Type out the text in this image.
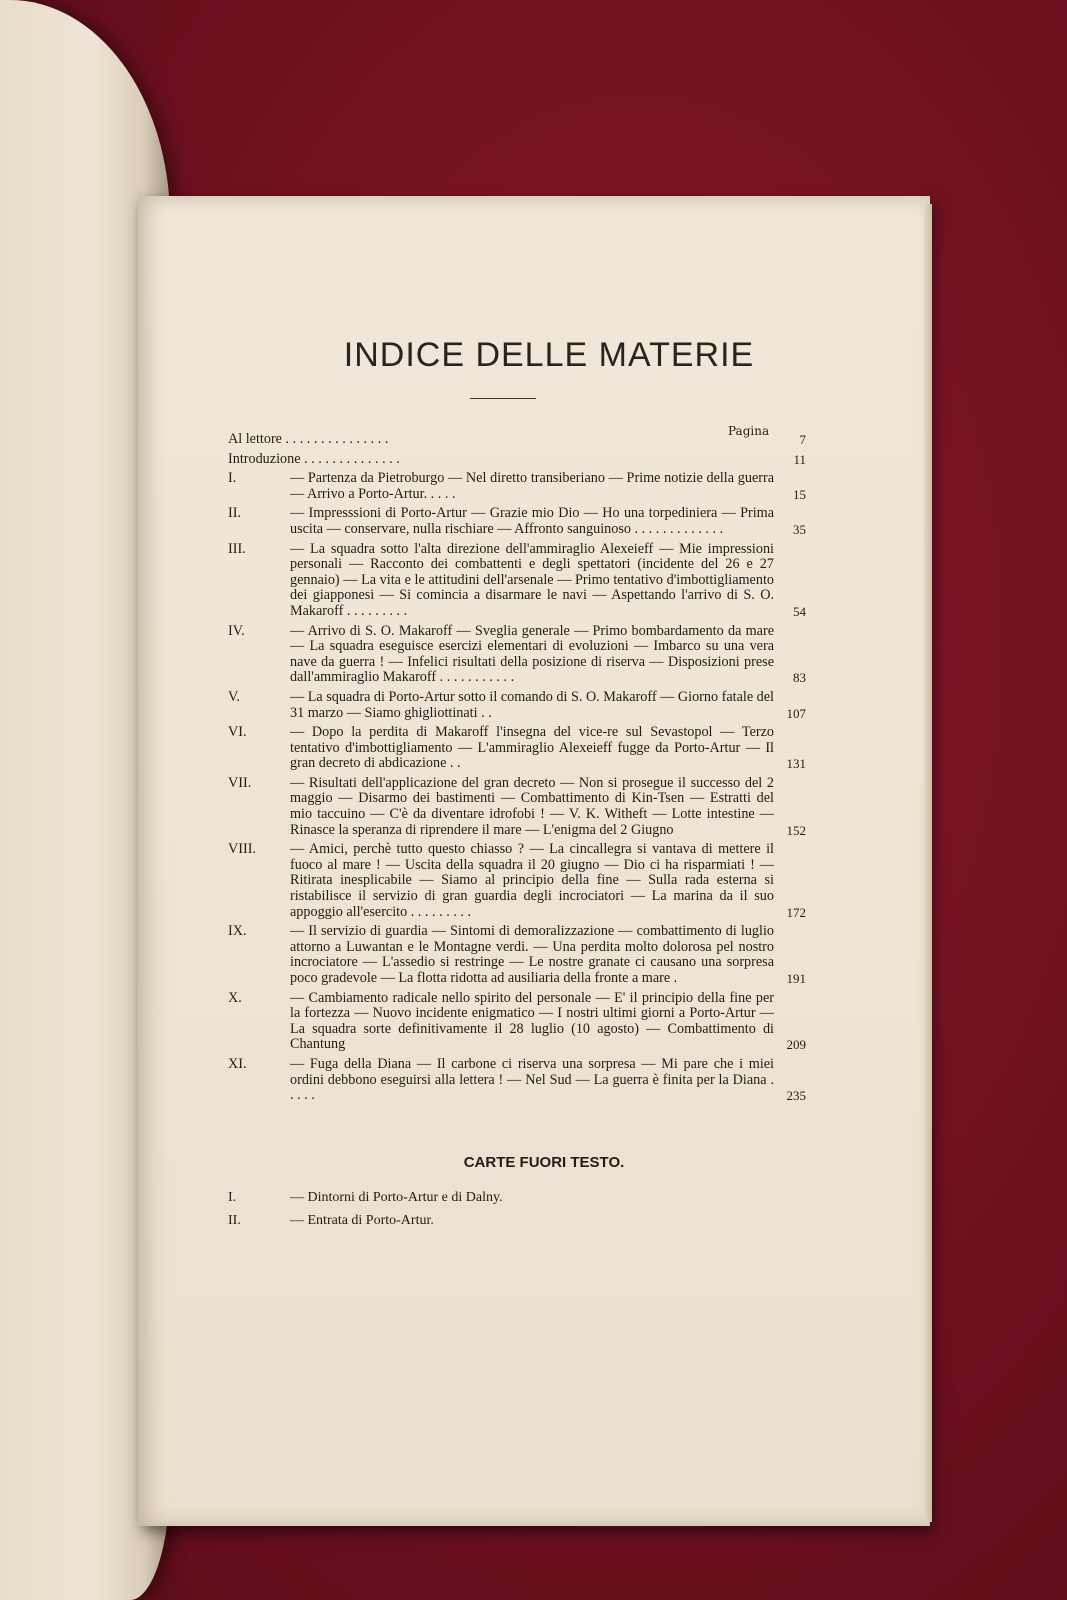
INDICE DELLE MATERIE
Pagina
Al lettore . . . . . . . . . . . . . . .	7
Introduzione . . . . . . . . . . . . . .	11
I.	— Partenza da Pietroburgo — Nel diretto transiberiano — Prime notizie della guerra — Arrivo a Porto-Artur. . . . .	15
II.	— Impresssioni di Porto-Artur — Grazie mio Dio — Ho una torpediniera — Prima uscita — conservare, nulla rischiare — Affronto sanguinoso . . . . . . . . . . . . .	35
III.	— La squadra sotto l'alta direzione dell'ammiraglio Alexeieff — Mie impressioni personali — Racconto dei combattenti e degli spettatori (incidente del 26 e 27 gennaio) — La vita e le attitudini dell'arsenale — Primo tentativo d'imbottigliamento dei giapponesi — Si comincia a disarmare le navi — Aspettando l'arrivo di S. O. Makaroff . . . . . . . . .	54
IV.	— Arrivo di S. O. Makaroff — Sveglia generale — Primo bombardamento da mare — La squadra eseguisce esercizi elementari di evoluzioni — Imbarco su una vera nave da guerra ! — Infelici risultati della posizione di riserva — Disposizioni prese dall'ammiraglio Makaroff . . . . . . . . . . .	83
V.	— La squadra di Porto-Artur sotto il comando di S. O. Makaroff — Giorno fatale del 31 marzo — Siamo ghigliottinati . .	107
VI.	— Dopo la perdita di Makaroff l'insegna del vice-re sul Sevastopol — Terzo tentativo d'imbottigliamento — L'ammiraglio Alexeieff fugge da Porto-Artur — Il gran decreto di abdicazione . .	131
VII.	— Risultati dell'applicazione del gran decreto — Non si prosegue il successo del 2 maggio — Disarmo dei bastimenti — Combattimento di Kin-Tsen — Estratti del mio taccuino — C'è da diventare idrofobi ! — V. K. Witheft — Lotte intestine — Rinasce la speranza di riprendere il mare — L'enigma del 2 Giugno	152
VIII.	— Amici, perchè tutto questo chiasso ? — La cincallegra si vantava di mettere il fuoco al mare ! — Uscita della squadra il 20 giugno — Dio ci ha risparmiati ! — Ritirata inesplicabile — Siamo al principio della fine — Sulla rada esterna si ristabilisce il servizio di gran guardia degli incrociatori — La marina da il suo appoggio all'esercito . . . . . . . . .	172
IX.	— Il servizio di guardia — Sintomi di demoralizzazione — combattimento di luglio attorno a Luwantan e le Montagne verdi. — Una perdita molto dolorosa pel nostro incrociatore — L'assedio si restringe — Le nostre granate ci causano una sorpresa poco gradevole — La flotta ridotta ad ausiliaria della fronte a mare .	191
X.	— Cambiamento radicale nello spirito del personale — E' il principio della fine per la fortezza — Nuovo incidente enigmatico — I nostri ultimi giorni a Porto-Artur — La squadra sorte definitivamente il 28 luglio (10 agosto) — Combattimento di Chantung	209
XI.	— Fuga della Diana — Il carbone ci riserva una sorpresa — Mi pare che i miei ordini debbono eseguirsi alla lettera ! — Nel Sud — La guerra è finita per la Diana . . . . .	235
CARTE FUORI TESTO.
I.	— Dintorni di Porto-Artur e di Dalny.
II.	— Entrata di Porto-Artur.
